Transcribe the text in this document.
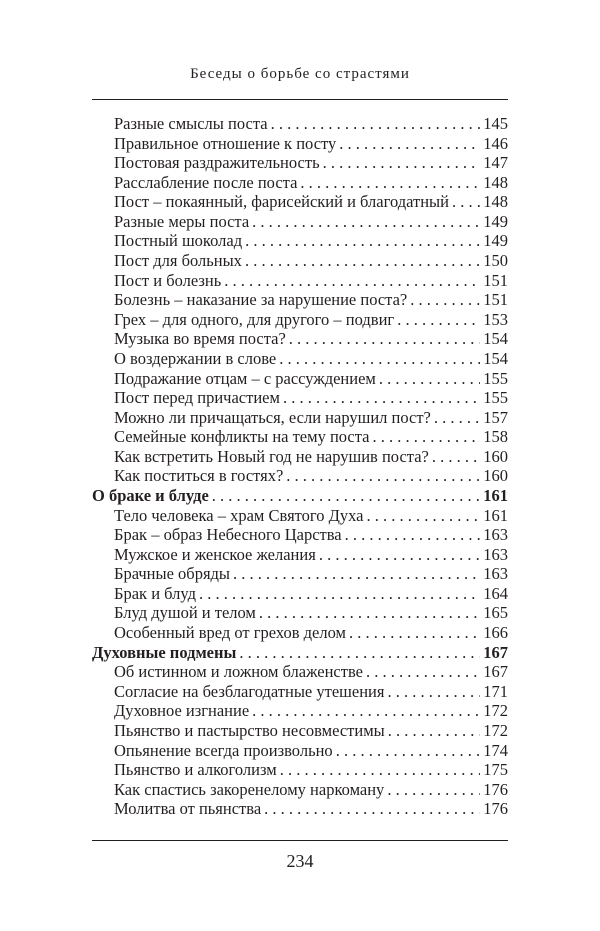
Беседы о борьбе со страстями
Разные смыслы поста . . .	145
Правильное отношение к посту . . .	146
Постовая раздражительность . . .	147
Расслабление после поста . . .	148
Пост – покаянный, фарисейский и благодатный . . . 148
Разные меры поста . . .	149
Постный шоколад . . .	149
Пост для больных . . .	150
Пост и болезнь . . .	151
Болезнь – наказание за нарушение поста? . . .	151
Грех – для одного, для другого – подвиг . . .	153
Музыка во время поста? . . .	154
О воздержании в слове . . .	154
Подражание отцам – с рассуждением . . .	155
Пост перед причастием . . .	155
Можно ли причащаться, если нарушил пост? . . .	157
Семейные конфликты на тему поста . . .	158
Как встретить Новый год не нарушив поста? . . .	160
Как поститься в гостях? . . .	160
О браке и блуде . . .	161
Тело человека – храм Святого Духа . . .	161
Брак – образ Небесного Царства . . .	163
Мужское и женское желания . . .	163
Брачные обряды . . .	163
Брак и блуд . . .	164
Блуд душой и телом . . .	165
Особенный вред от грехов делом . . .	166
Духовные подмены . . .	167
Об истинном и ложном блаженстве . . .	167
Согласие на безблагодатные утешения . . .	171
Духовное изгнание . . .	172
Пьянство и пастырство несовместимы . . .	172
Опьянение всегда произвольно . . .	174
Пьянство и алкоголизм . . .	175
Как спастись закоренелому наркоману . . .	176
Молитва от пьянства . . .	176
234
